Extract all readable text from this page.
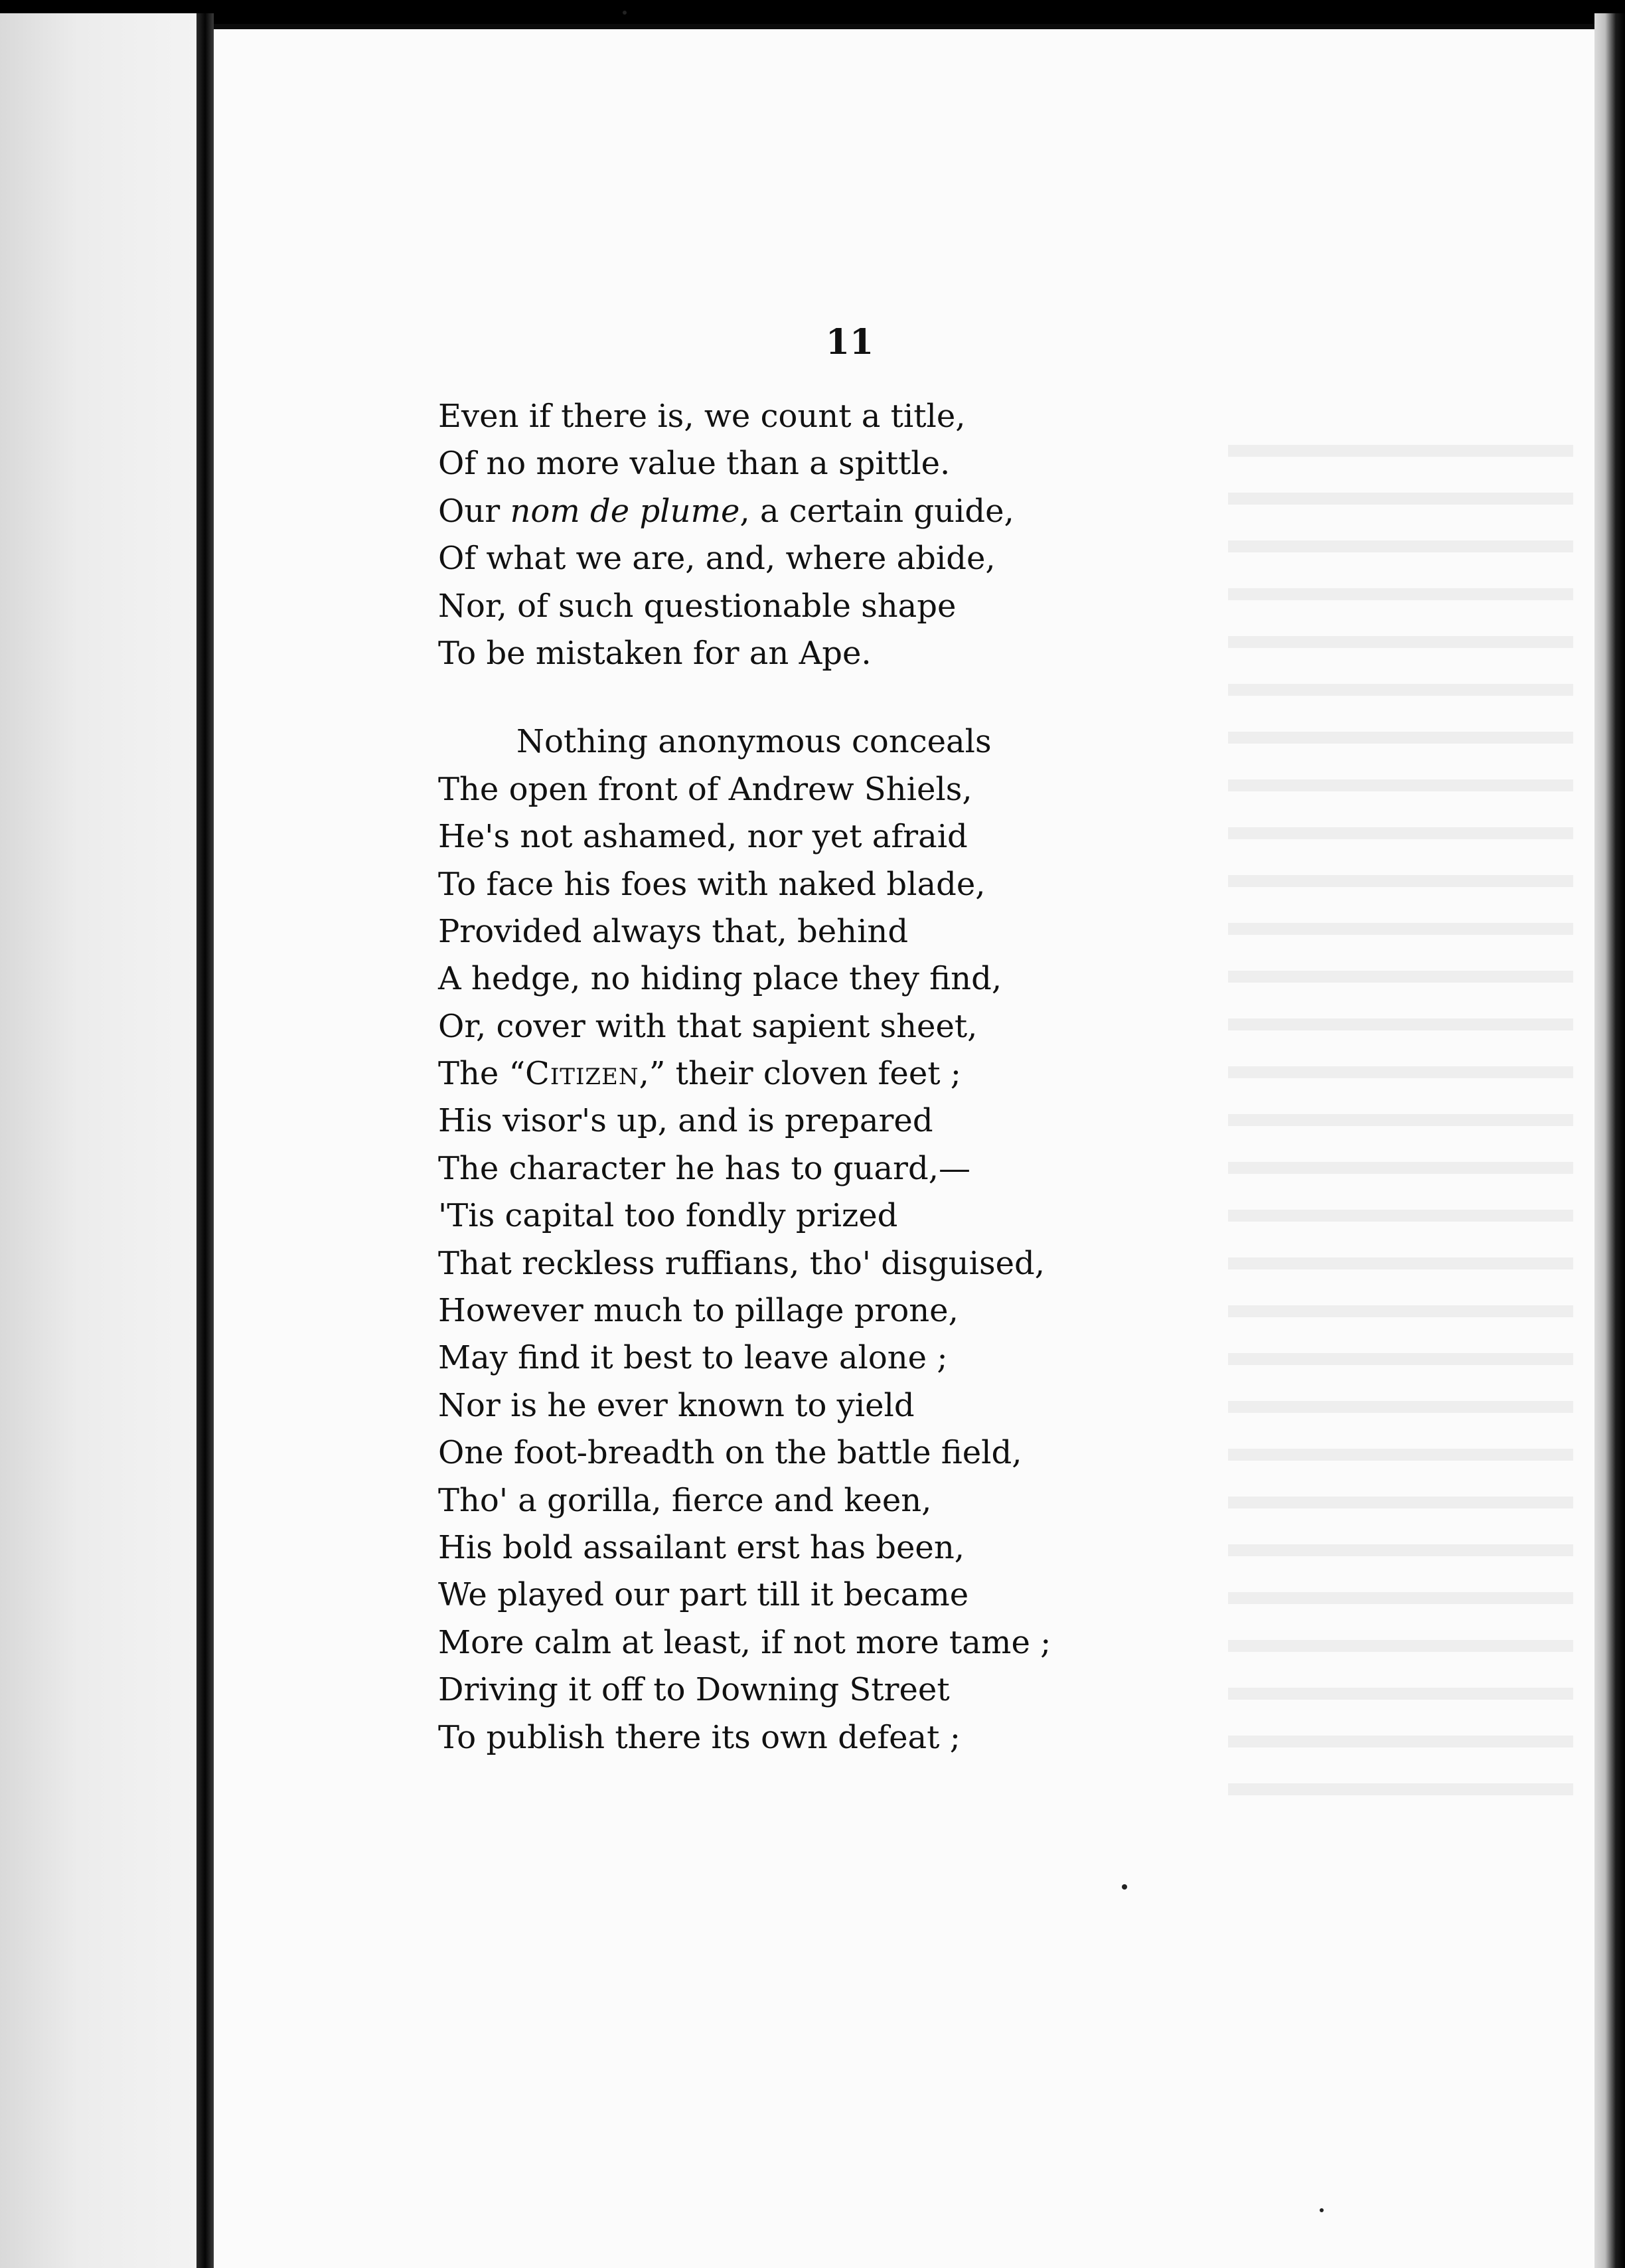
11
Even if there is, we count a title,
Of no more value than a spittle.
Our nom de plume, a certain guide,
Of what we are, and, where abide,
Nor, of such questionable shape
To be mistaken for an Ape.
Nothing anonymous conceals
The open front of Andrew Shiels,
He's not ashamed, nor yet afraid
To face his foes with naked blade,
Provided always that, behind
A hedge, no hiding place they find,
Or, cover with that sapient sheet,
The “Citizen,” their cloven feet ;
His visor's up, and is prepared
The character he has to guard,—
'Tis capital too fondly prized
That reckless ruffians, tho' disguised,
However much to pillage prone,
May find it best to leave alone ;
Nor is he ever known to yield
One foot-breadth on the battle field,
Tho' a gorilla, fierce and keen,
His bold assailant erst has been,
We played our part till it became
More calm at least, if not more tame ;
Driving it off to Downing Street
To publish there its own defeat ;
